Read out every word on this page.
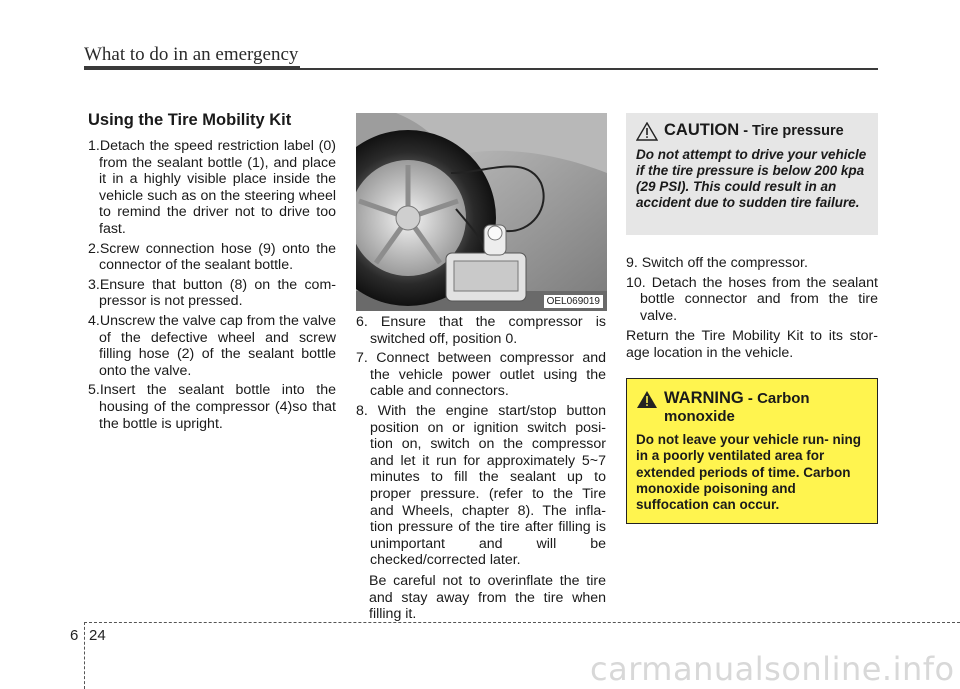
What to do in an emergency
Using the Tire Mobility Kit
1.Detach the speed restriction label (0) from the sealant bottle (1), and place it in a highly visible place inside the vehicle such as on the steering wheel to remind the driver not to drive too fast.
2.Screw connection hose (9) onto the connector of the sealant bottle.
3.Ensure that button (8) on the com- pressor is not pressed.
4.Unscrew the valve cap from the valve of the defective wheel and screw filling hose (2) of the sealant bottle onto the valve.
5.Insert the sealant bottle into the housing of the compressor (4)so that the bottle is upright.
OEL069019
6. Ensure that the compressor is switched off, position 0.
7. Connect between compressor and the vehicle power outlet using the cable and connectors.
8. With the engine start/stop button position on or ignition switch posi- tion on, switch on the compressor and let it run for approximately 5~7 minutes to fill the sealant up to proper pressure. (refer to the Tire and Wheels, chapter 8). The infla- tion pressure of the tire after filling is unimportant and will be checked/corrected later.

Be careful not to overinflate the tire and stay away from the tire when filling it.

CAUTION - Tire pressure

Do not attempt to drive your vehicle if the tire pressure is below 200 kpa (29 PSI). This could result in an accident due to sudden tire failure.

9. Switch off the compressor.
10. Detach the hoses from the sealant bottle connector and from the tire valve.

Return the Tire Mobility Kit to its stor- age location in the vehicle.

WARNING - Carbon monoxide

Do not leave your vehicle run- ning in a poorly ventilated area for extended periods of time. Carbon monoxide poisoning and suffocation can occur.

6 24
carmanualsonline.info
